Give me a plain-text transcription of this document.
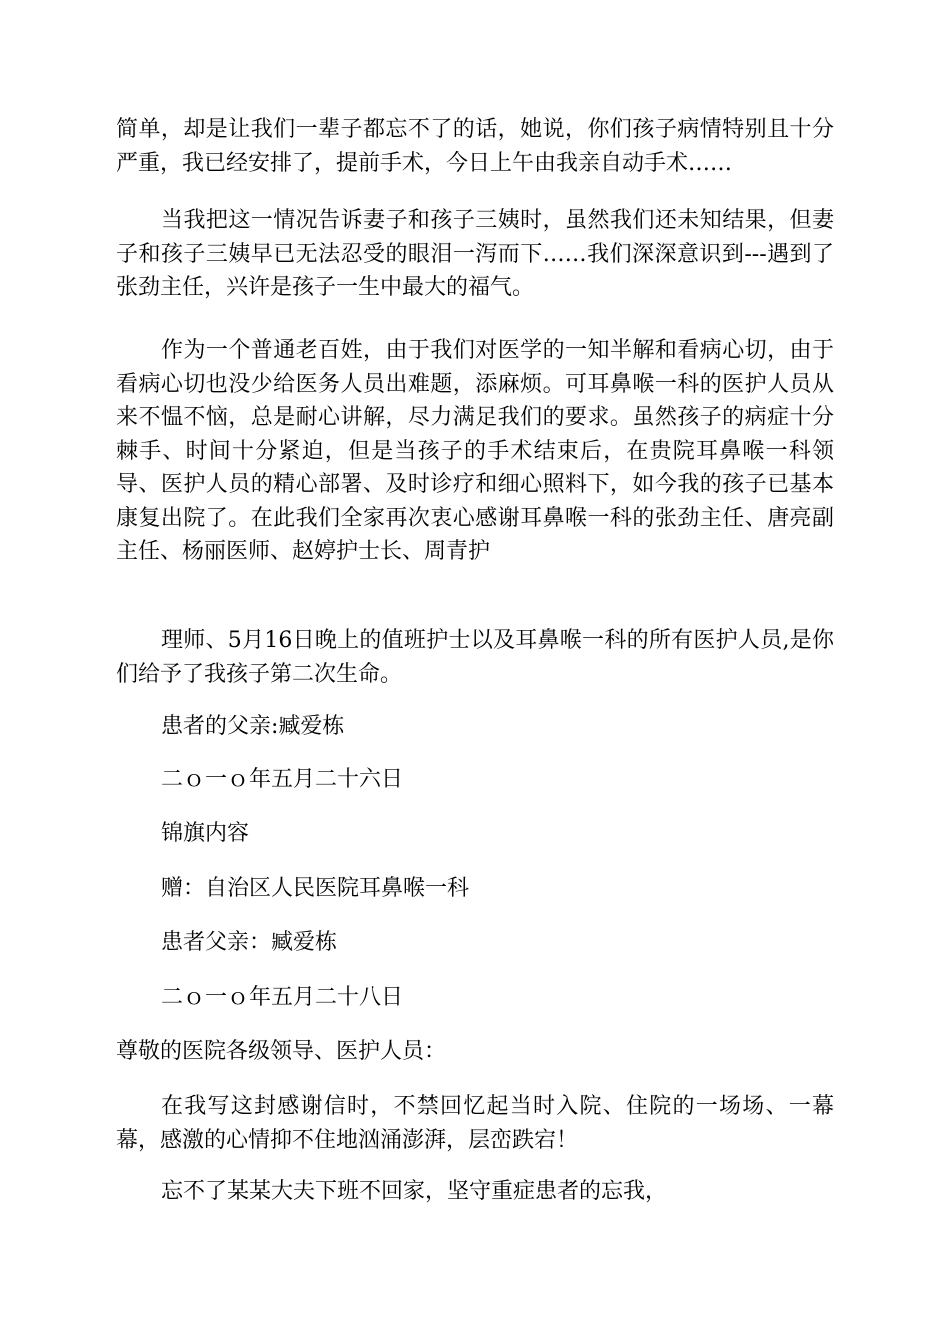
简单，却是让我们一辈子都忘不了的话，她说，你们孩子病情特别且十分严重，我已经安排了，提前手术，今日上午由我亲自动手术……

当我把这一情况告诉妻子和孩子三姨时，虽然我们还未知结果，但妻子和孩子三姨早已无法忍受的眼泪一泻而下……我们深深意识到---遇到了张劲主任，兴许是孩子一生中最大的福气。

作为一个普通老百姓，由于我们对医学的一知半解和看病心切，由于看病心切也没少给医务人员出难题，添麻烦。可耳鼻喉一科的医护人员从来不愠不恼，总是耐心讲解，尽力满足我们的要求。虽然孩子的病症十分棘手、时间十分紧迫，但是当孩子的手术结束后，在贵院耳鼻喉一科领导、医护人员的精心部署、及时诊疗和细心照料下，如今我的孩子已基本康复出院了。在此我们全家再次衷心感谢耳鼻喉一科的张劲主任、唐亮副主任、杨丽医师、赵婷护士长、周青护

理师、5月16日晚上的值班护士以及耳鼻喉一科的所有医护人员,是你们给予了我孩子第二次生命。

患者的父亲:臧爱栋

二ｏ一ｏ年五月二十六日

锦旗内容

赠：自治区人民医院耳鼻喉一科

患者父亲：臧爱栋

二ｏ一ｏ年五月二十八日

尊敬的医院各级领导、医护人员：

在我写这封感谢信时，不禁回忆起当时入院、住院的一场场、一幕幕，感激的心情抑不住地汹涌澎湃，层峦跌宕！

忘不了某某大夫下班不回家，坚守重症患者的忘我，
